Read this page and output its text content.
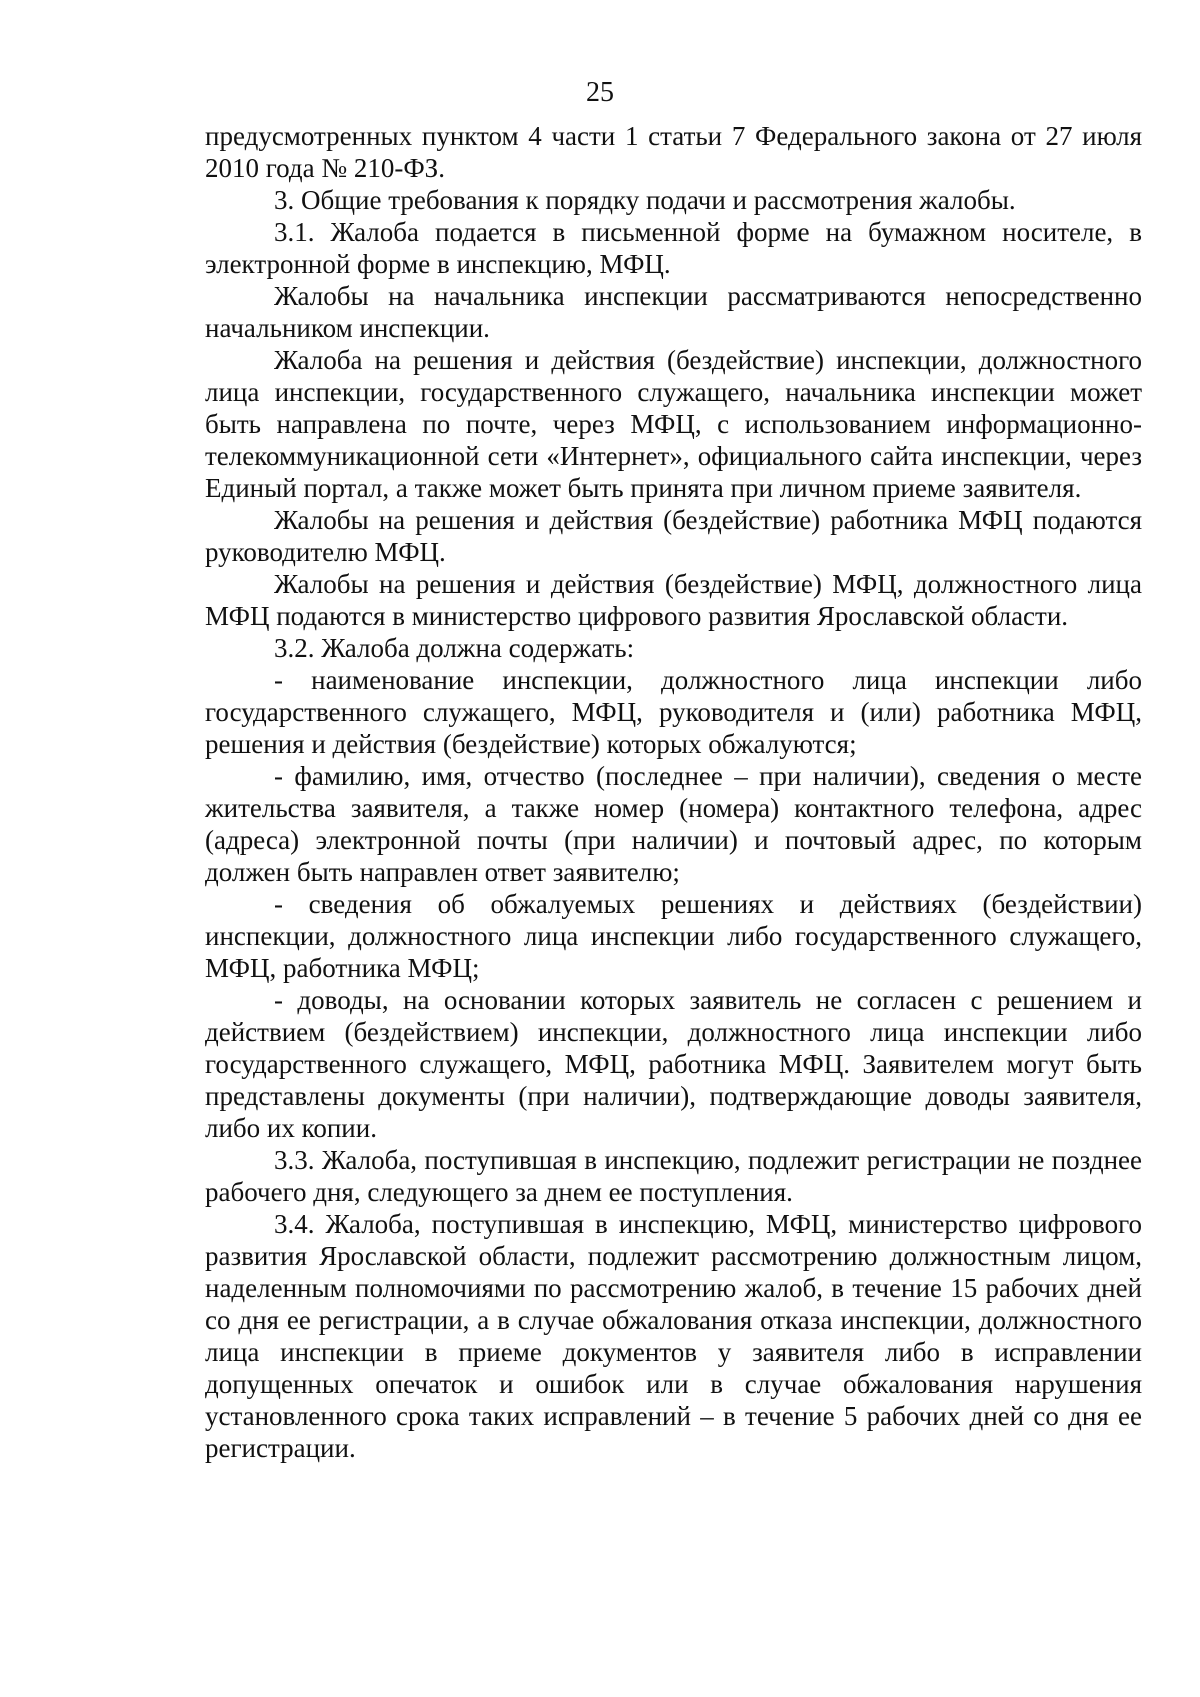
25

предусмотренных пунктом 4 части 1 статьи 7 Федерального закона от 27 июля 2010 года № 210-ФЗ.

3. Общие требования к порядку подачи и рассмотрения жалобы.

3.1. Жалоба подается в письменной форме на бумажном носителе, в электронной форме в инспекцию, МФЦ.

Жалобы на начальника инспекции рассматриваются непосредственно начальником инспекции.

Жалоба на решения и действия (бездействие) инспекции, должностного лица инспекции, государственного служащего, начальника инспекции может быть направлена по почте, через МФЦ, с использованием информационно-телекоммуникационной сети «Интернет», официального сайта инспекции, через Единый портал, а также может быть принята при личном приеме заявителя.

Жалобы на решения и действия (бездействие) работника МФЦ подаются руководителю МФЦ.

Жалобы на решения и действия (бездействие) МФЦ, должностного лица МФЦ подаются в министерство цифрового развития Ярославской области.

3.2. Жалоба должна содержать:

- наименование инспекции, должностного лица инспекции либо государственного служащего, МФЦ, руководителя и (или) работника МФЦ, решения и действия (бездействие) которых обжалуются;

- фамилию, имя, отчество (последнее – при наличии), сведения о месте жительства заявителя, а также номер (номера) контактного телефона, адрес (адреса) электронной почты (при наличии) и почтовый адрес, по которым должен быть направлен ответ заявителю;

- сведения об обжалуемых решениях и действиях (бездействии) инспекции, должностного лица инспекции либо государственного служащего, МФЦ, работника МФЦ;

- доводы, на основании которых заявитель не согласен с решением и действием (бездействием) инспекции, должностного лица инспекции либо государственного служащего, МФЦ, работника МФЦ. Заявителем могут быть представлены документы (при наличии), подтверждающие доводы заявителя, либо их копии.

3.3. Жалоба, поступившая в инспекцию, подлежит регистрации не позднее рабочего дня, следующего за днем ее поступления.

3.4. Жалоба, поступившая в инспекцию, МФЦ, министерство цифрового развития Ярославской области, подлежит рассмотрению должностным лицом, наделенным полномочиями по рассмотрению жалоб, в течение 15 рабочих дней со дня ее регистрации, а в случае обжалования отказа инспекции, должностного лица инспекции в приеме документов у заявителя либо в исправлении допущенных опечаток и ошибок или в случае обжалования нарушения установленного срока таких исправлений – в течение 5 рабочих дней со дня ее регистрации.
